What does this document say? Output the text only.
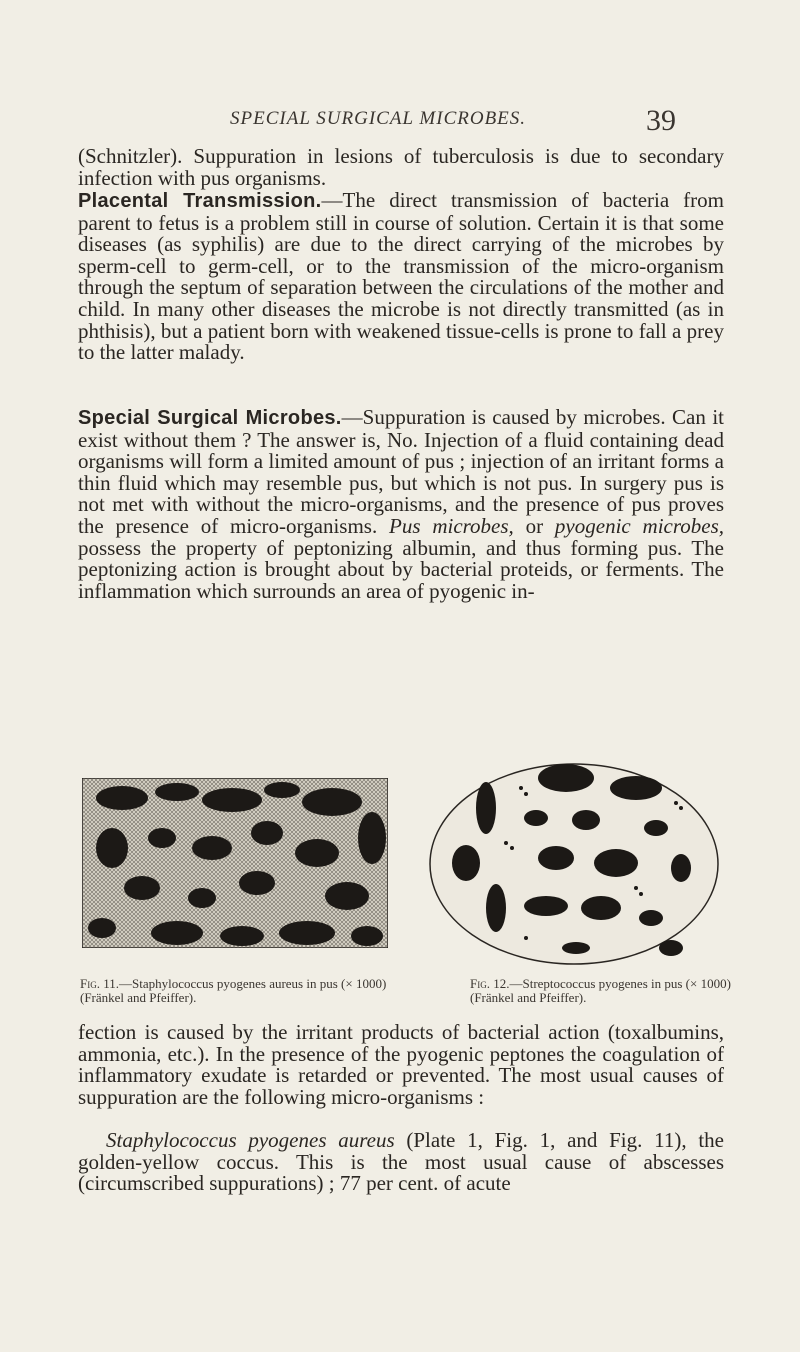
SPECIAL SURGICAL MICROBES.	39

(Schnitzler). Suppuration in lesions of tuberculosis is due to secondary infection with pus organisms.

Placental Transmission.—The direct transmission of bacteria from parent to fetus is a problem still in course of solution. Certain it is that some diseases (as syphilis) are due to the direct carrying of the microbes by sperm-cell to germ-cell, or to the transmission of the micro-organism through the septum of separation between the circulations of the mother and child. In many other diseases the microbe is not directly transmitted (as in phthisis), but a patient born with weakened tissue-cells is prone to fall a prey to the latter malady.

Special Surgical Microbes.—Suppuration is caused by microbes. Can it exist without them ? The answer is, No. Injection of a fluid containing dead organisms will form a limited amount of pus ; injection of an irritant forms a thin fluid which may resemble pus, but which is not pus. In surgery pus is not met with without the micro-organisms, and the presence of pus proves the presence of micro-organisms. Pus microbes, or pyogenic microbes, possess the property of peptonizing albumin, and thus forming pus. The peptonizing action is brought about by bacterial proteids, or ferments. The inflammation which surrounds an area of pyogenic in-

Fig. 11.—Staphylococcus pyogenes aureus in pus (× 1000) (Fränkel and Pfeiffer).
Fig. 12.—Streptococcus pyogenes in pus (× 1000) (Fränkel and Pfeiffer).

fection is caused by the irritant products of bacterial action (toxalbumins, ammonia, etc.). In the presence of the pyogenic peptones the coagulation of inflammatory exudate is retarded or prevented. The most usual causes of suppuration are the following micro-organisms :

Staphylococcus pyogenes aureus (Plate 1, Fig. 1, and Fig. 11), the golden-yellow coccus. This is the most usual cause of abscesses (circumscribed suppurations) ; 77 per cent. of acute
